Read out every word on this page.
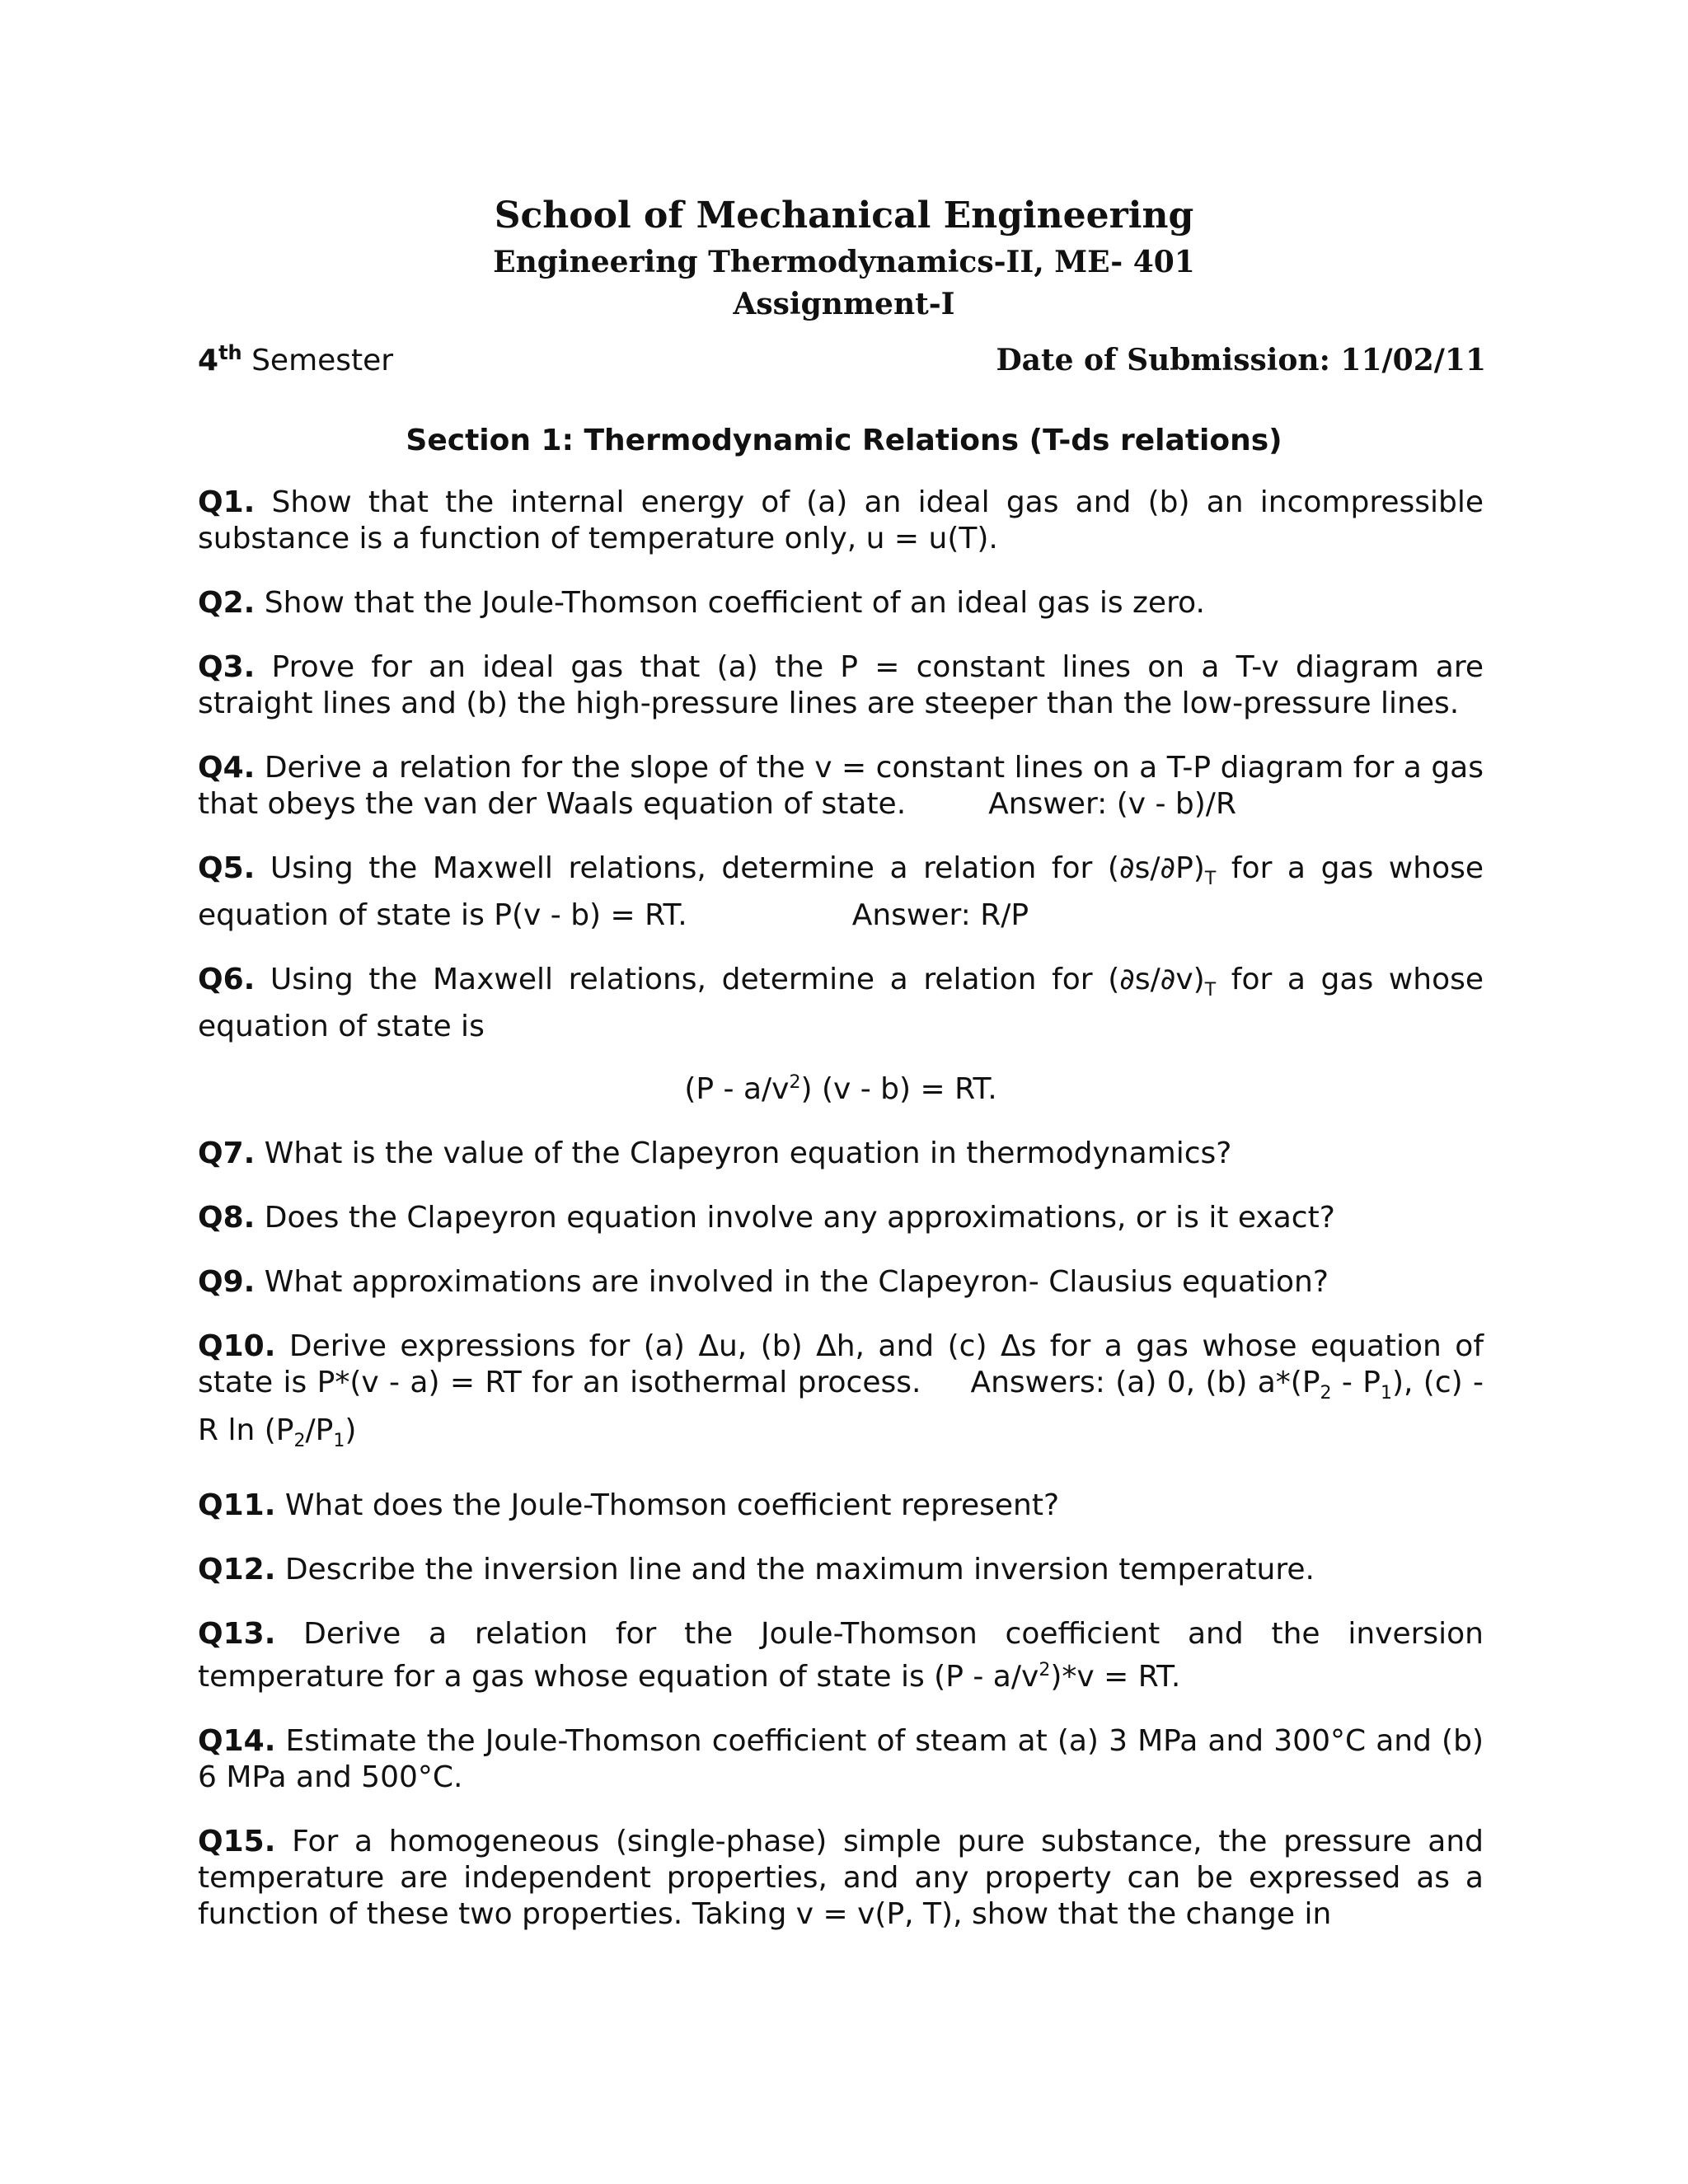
School of Mechanical Engineering
Engineering Thermodynamics-II, ME- 401
Assignment-I
4th Semester	Date of Submission: 11/02/11
Section 1: Thermodynamic Relations (T-ds relations)

Q1. Show that the internal energy of (a) an ideal gas and (b) an incompressible substance is a function of temperature only, u = u(T).

Q2. Show that the Joule-Thomson coefficient of an ideal gas is zero.

Q3. Prove for an ideal gas that (a) the P = constant lines on a T-v diagram are straight lines and (b) the high-pressure lines are steeper than the low-pressure lines.

Q4. Derive a relation for the slope of the v = constant lines on a T-P diagram for a gas that obeys the van der Waals equation of state.	Answer: (v - b)/R

Q5. Using the Maxwell relations, determine a relation for $(\partial s/\partial P)_T$ for a gas whose equation of state is P(v - b) = RT.	Answer: R/P

Q6. Using the Maxwell relations, determine a relation for $(\partial s/\partial v)_T$ for a gas whose equation of state is

$(P - a/v^2)$ (v - b) = RT.

Q7. What is the value of the Clapeyron equation in thermodynamics?

Q8. Does the Clapeyron equation involve any approximations, or is it exact?

Q9. What approximations are involved in the Clapeyron- Clausius equation?

Q10. Derive expressions for (a) Δu, (b) Δh, and (c) Δs for a gas whose equation of state is P*(v - a) = RT for an isothermal process. Answers: (a) 0, (b) $a*(P_2 - P_1)$, (c) - R $\ln (P_2/P_1)$

Q11. What does the Joule-Thomson coefficient represent?

Q12. Describe the inversion line and the maximum inversion temperature.

Q13. Derive a relation for the Joule-Thomson coefficient and the inversion temperature for a gas whose equation of state is $(P - a/v^2)*v$ = RT.

Q14. Estimate the Joule-Thomson coefficient of steam at (a) 3 MPa and 300°C and (b) 6 MPa and 500°C.

Q15. For a homogeneous (single-phase) simple pure substance, the pressure and temperature are independent properties, and any property can be expressed as a function of these two properties. Taking v = v(P, T), show that the change in
